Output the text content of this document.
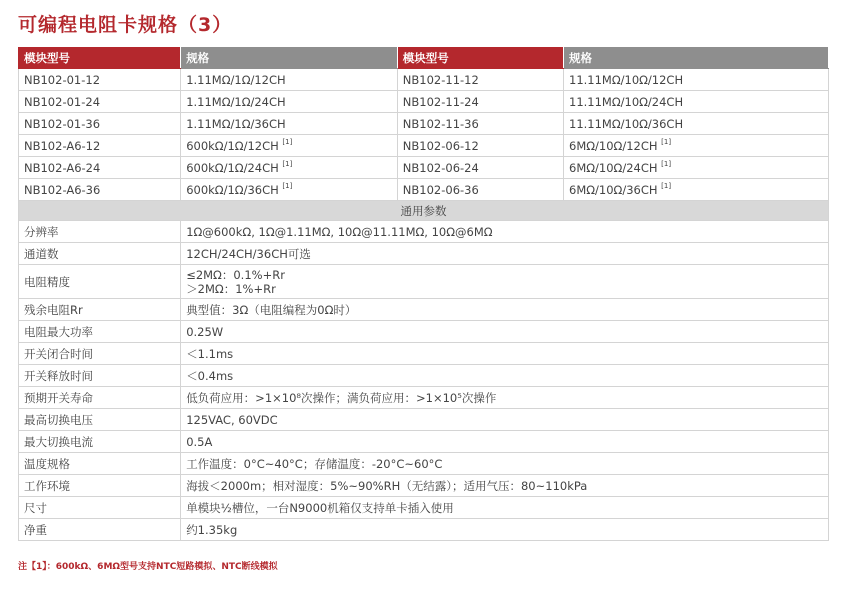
可编程电阻卡规格（3）
模块型号	规格	模块型号	规格
NB102-01-12	1.11MΩ/1Ω/12CH	NB102-11-12	11.11MΩ/10Ω/12CH
NB102-01-24	1.11MΩ/1Ω/24CH	NB102-11-24	11.11MΩ/10Ω/24CH
NB102-01-36	1.11MΩ/1Ω/36CH	NB102-11-36	11.11MΩ/10Ω/36CH
NB102-A6-12	600kΩ/1Ω/12CH [1]	NB102-06-12	6MΩ/10Ω/12CH [1]
NB102-A6-24	600kΩ/1Ω/24CH [1]	NB102-06-24	6MΩ/10Ω/24CH [1]
NB102-A6-36	600kΩ/1Ω/36CH [1]	NB102-06-36	6MΩ/10Ω/36CH [1]
通用参数			
分辨率	1Ω@600kΩ, 1Ω@1.11MΩ, 10Ω@11.11MΩ, 10Ω@6MΩ		
通道数	12CH/24CH/36CH可选		
电阻精度	≤2MΩ：0.1%+Rr
＞2MΩ：1%+Rr		

残余电阻Rr	典型值：3Ω（电阻编程为0Ω时）		
电阻最大功率	0.25W		
开关闭合时间	＜1.1ms		
开关释放时间	＜0.4ms		
预期开关寿命	低负荷应用：>1×10⁸次操作；满负荷应用：>1×10⁵次操作		
最高切换电压	125VAC, 60VDC		
最大切换电流	0.5A		
温度规格	工作温度：0°C~40°C；存储温度：-20°C~60°C		
工作环境	海拔＜2000m；相对湿度：5%~90%RH（无结露）；适用气压：80~110kPa		
尺寸	单模块½槽位，一台N9000机箱仅支持单卡插入使用		
净重	约1.35kg		
注【1】：600kΩ、6MΩ型号支持NTC短路模拟、NTC断线模拟
